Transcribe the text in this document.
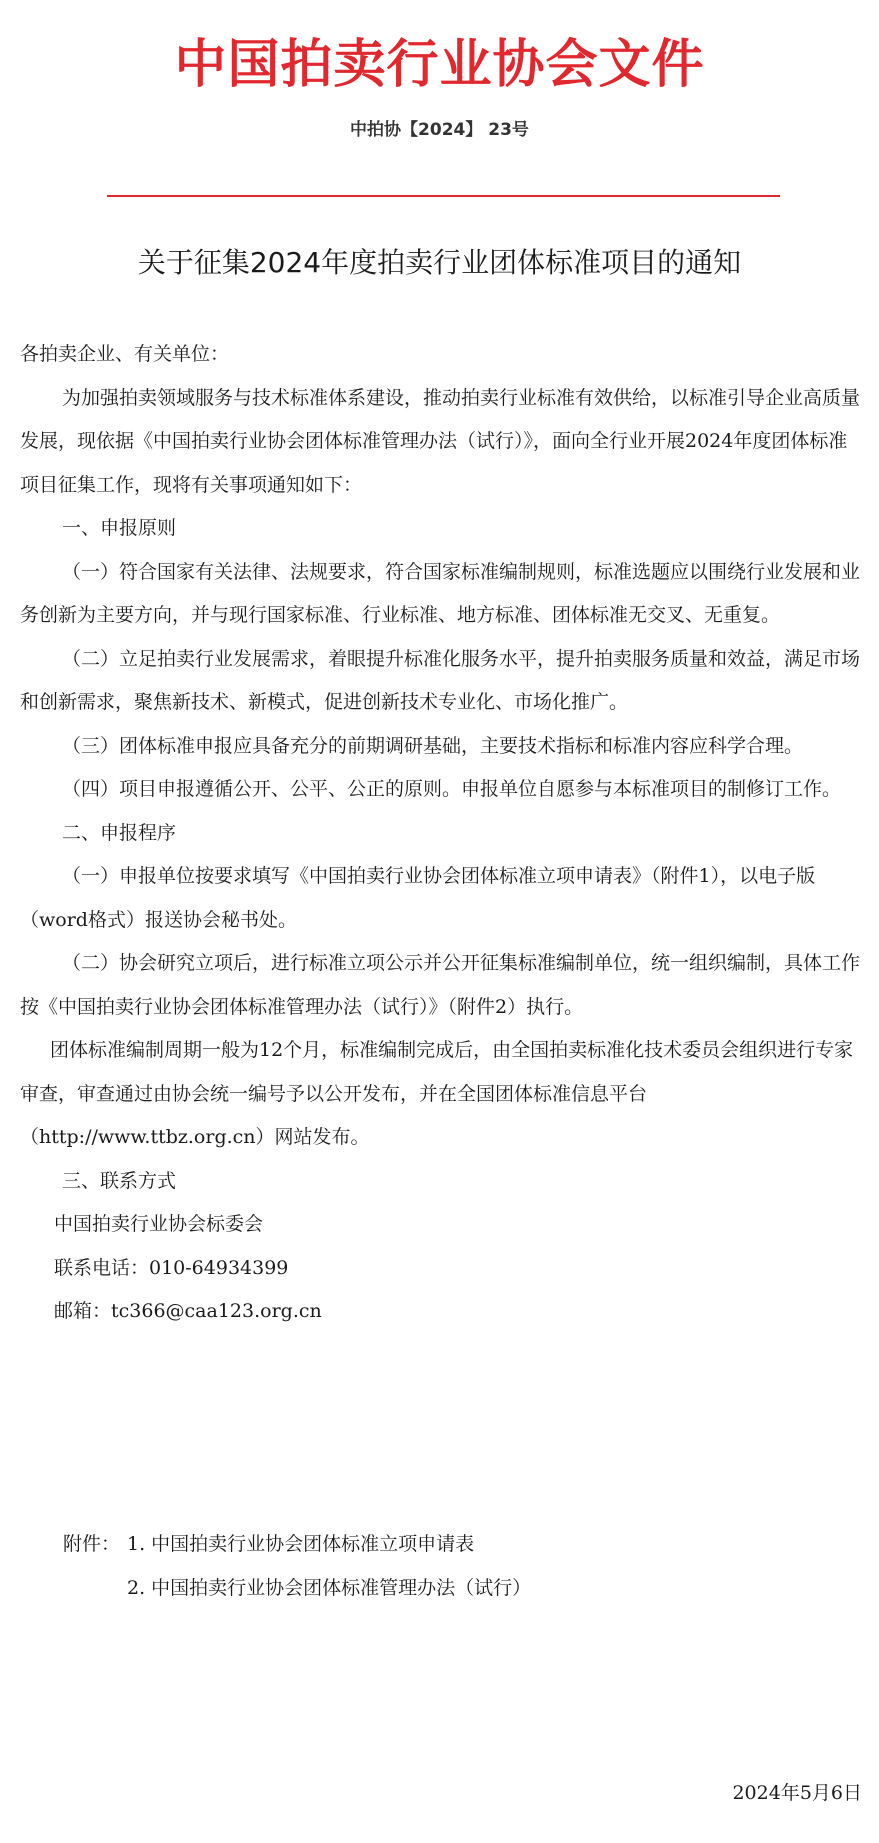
中国拍卖行业协会文件
中拍协【2024】 23号
关于征集2024年度拍卖行业团体标准项目的通知

各拍卖企业、有关单位：

为加强拍卖领域服务与技术标准体系建设，推动拍卖行业标准有效供给，以标准引导企业高质量发展，现依据《中国拍卖行业协会团体标准管理办法（试行）》，面向全行业开展2024年度团体标准项目征集工作，现将有关事项通知如下：

一、申报原则

（一）符合国家有关法律、法规要求，符合国家标准编制规则，标准选题应以围绕行业发展和业务创新为主要方向，并与现行国家标准、行业标准、地方标准、团体标准无交叉、无重复。

（二）立足拍卖行业发展需求，着眼提升标准化服务水平，提升拍卖服务质量和效益，满足市场和创新需求，聚焦新技术、新模式，促进创新技术专业化、市场化推广。

（三）团体标准申报应具备充分的前期调研基础，主要技术指标和标准内容应科学合理。

（四）项目申报遵循公开、公平、公正的原则。申报单位自愿参与本标准项目的制修订工作。

二、申报程序

（一）申报单位按要求填写《中国拍卖行业协会团体标准立项申请表》（附件1），以电子版（word格式）报送协会秘书处。

（二）协会研究立项后，进行标准立项公示并公开征集标准编制单位，统一组织编制，具体工作按《中国拍卖行业协会团体标准管理办法（试行）》（附件2）执行。

团体标准编制周期一般为12个月，标准编制完成后，由全国拍卖标准化技术委员会组织进行专家审查，审查通过由协会统一编号予以公开发布，并在全国团体标准信息平台（http://www.ttbz.org.cn）网站发布。

三、联系方式

中国拍卖行业协会标委会

联系电话：010-64934399

邮箱：tc366@caa123.org.cn

附件： 1. 中国拍卖行业协会团体标准立项申请表
2. 中国拍卖行业协会团体标准管理办法（试行）
2024年5月6日
